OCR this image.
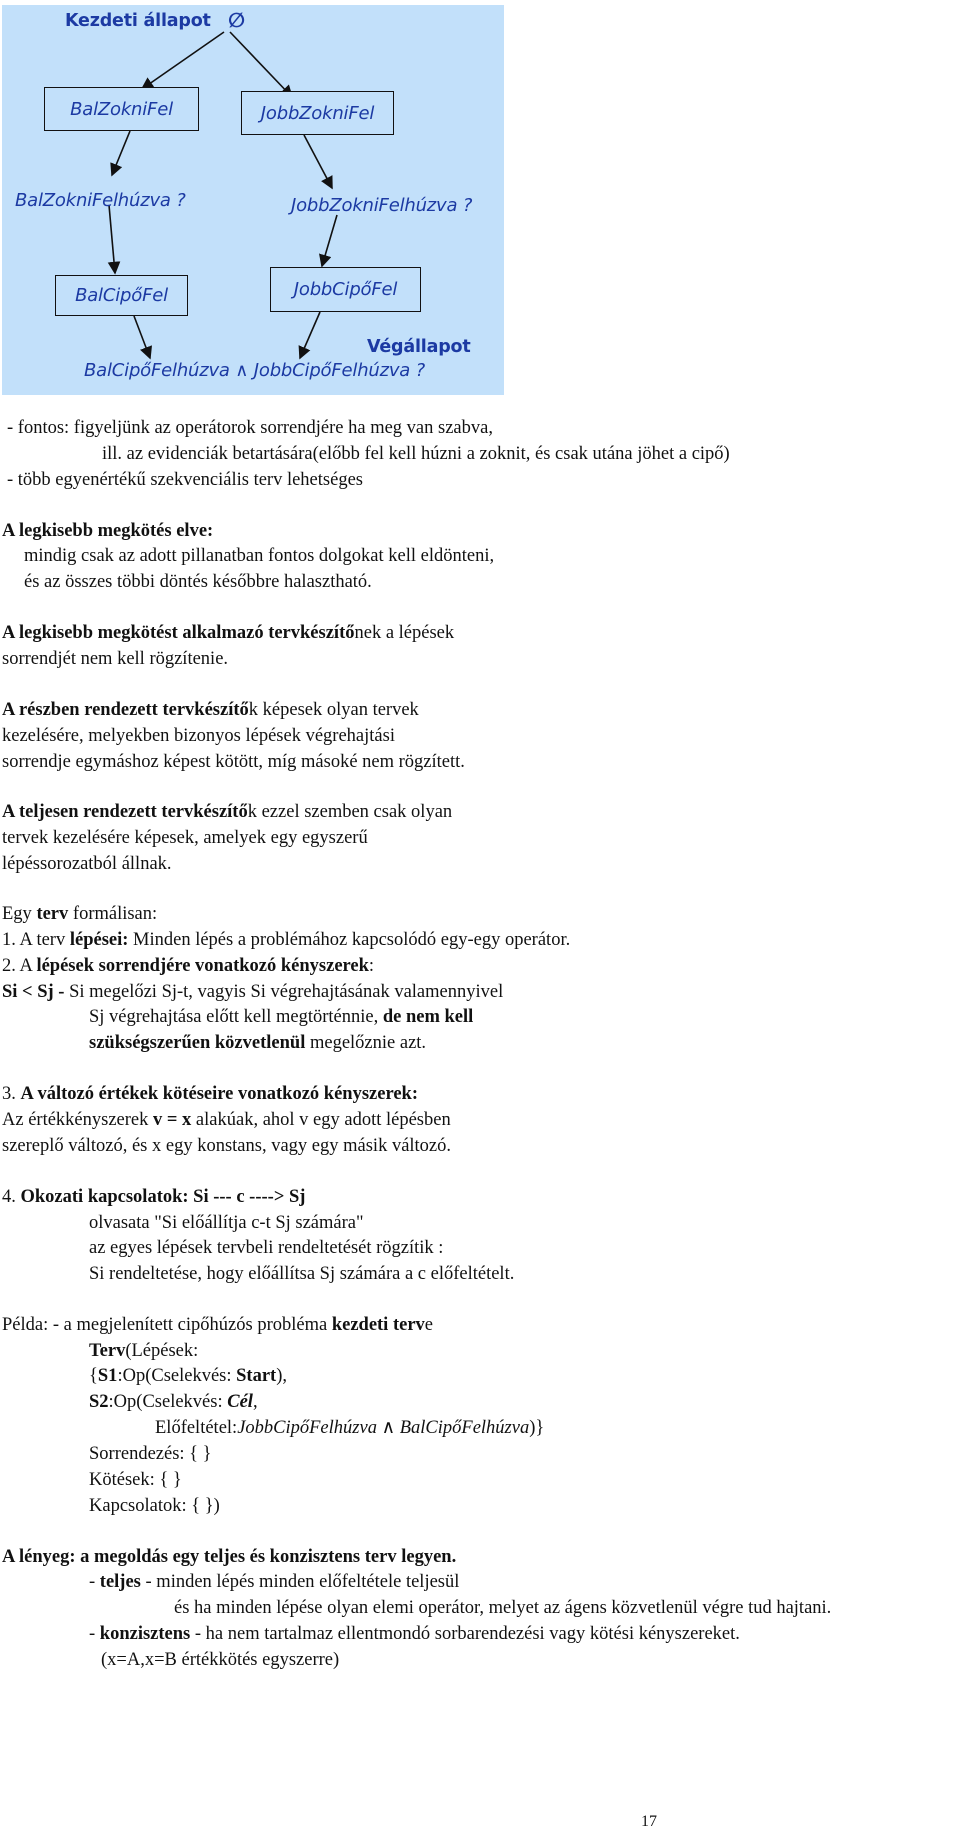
Kezdeti állapot ∅
BalZokniFel	JobbZokniFel
BalZokniFelhúzva ?	JobbZokniFelhúzva ?
BalCipőFel	JobbCipőFel
Végállapot
BalCipőFelhúzva ∧ JobbCipőFelhúzva ?
- fontos: figyeljünk az operátorok sorrendjére ha meg van szabva,
ill. az evidenciák betartására(előbb fel kell húzni a zoknit, és csak utána jöhet a cipő)
- több egyenértékű szekvenciális terv lehetséges
A legkisebb megkötés elve:
mindig csak az adott pillanatban fontos dolgokat kell eldönteni,
és az összes többi döntés későbbre halasztható.
A legkisebb megkötést alkalmazó tervkészítőnek a lépések
sorrendjét nem kell rögzítenie.
A részben rendezett tervkészítők képesek olyan tervek
kezelésére, melyekben bizonyos lépések végrehajtási
sorrendje egymáshoz képest kötött, míg másoké nem rögzített.
A teljesen rendezett tervkészítők ezzel szemben csak olyan
tervek kezelésére képesek, amelyek egy egyszerű
lépéssorozatból állnak.
Egy terv formálisan:
1. A terv lépései: Minden lépés a problémához kapcsolódó egy-egy operátor.
2. A lépések sorrendjére vonatkozó kényszerek:
Si < Sj - Si megelőzi Sj-t, vagyis Si végrehajtásának valamennyivel
Sj végrehajtása előtt kell megtörténnie, de nem kell
szükségszerűen közvetlenül megelőznie azt.
3. A változó értékek kötéseire vonatkozó kényszerek:
Az értékkényszerek v = x alakúak, ahol v egy adott lépésben
szereplő változó, és x egy konstans, vagy egy másik változó.
4. Okozati kapcsolatok: Si --- c ----> Sj
olvasata "Si előállítja c-t Sj számára"
az egyes lépések tervbeli rendeltetését rögzítik :
Si rendeltetése, hogy előállítsa Sj számára a c előfeltételt.
Példa: - a megjelenített cipőhúzós probléma kezdeti terve
Terv(Lépések:
{S1:Op(Cselekvés: Start),
S2:Op(Cselekvés: Cél,
Előfeltétel:JobbCipőFelhúzva ∧ BalCipőFelhúzva)}
Sorrendezés: { }
Kötések: { }
Kapcsolatok: { })
A lényeg: a megoldás egy teljes és konzisztens terv legyen.
- teljes - minden lépés minden előfeltétele teljesül
és ha minden lépése olyan elemi operátor, melyet az ágens közvetlenül végre tud hajtani.
- konzisztens - ha nem tartalmaz ellentmondó sorbarendezési vagy kötési kényszereket.
(x=A,x=B értékkötés egyszerre)
17
